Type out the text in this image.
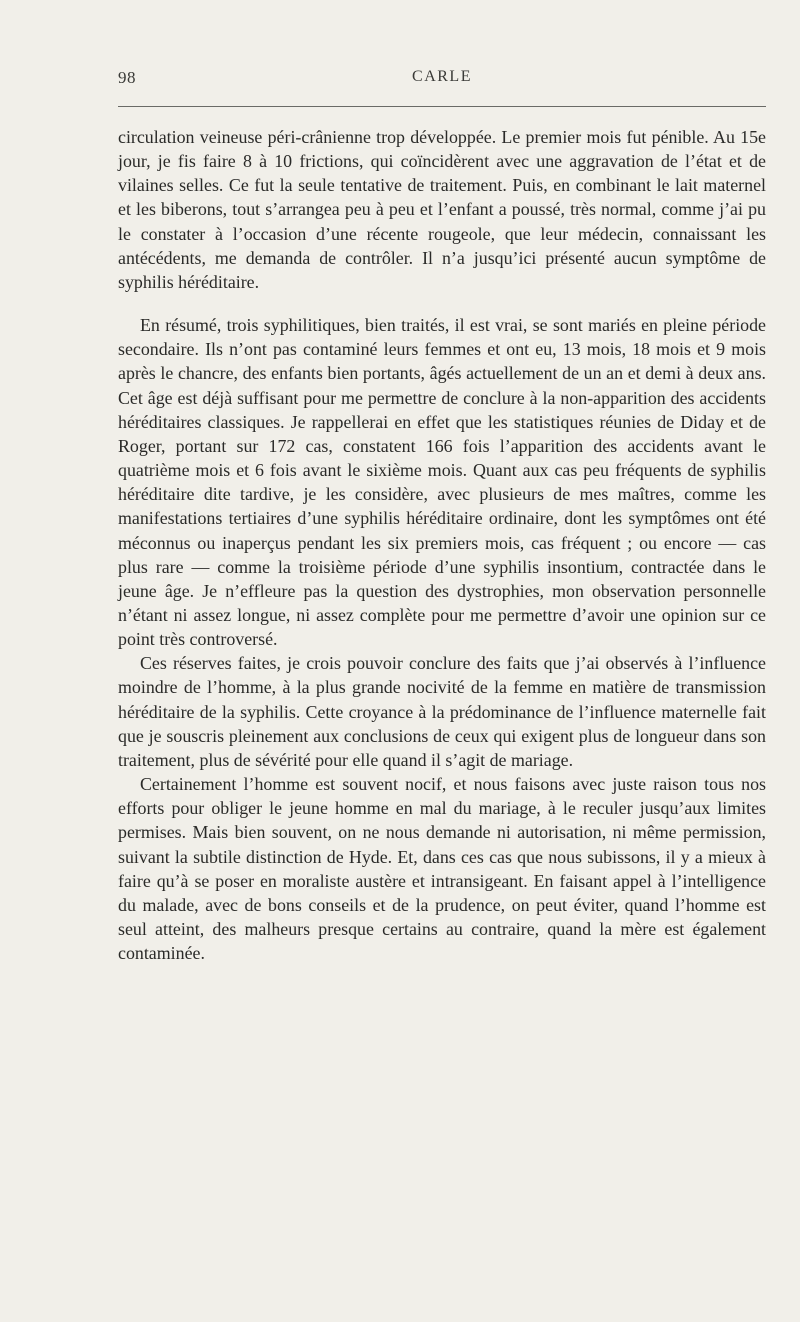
98	CARLE

circulation veineuse péri-crânienne trop développée. Le premier mois fut pénible. Au 15e jour, je fis faire 8 à 10 frictions, qui coïncidèrent avec une aggravation de l’état et de vilaines selles. Ce fut la seule tentative de traitement. Puis, en combinant le lait maternel et les biberons, tout s’arrangea peu à peu et l’enfant a poussé, très normal, comme j’ai pu le constater à l’occasion d’une récente rougeole, que leur médecin, connaissant les antécédents, me demanda de contrôler. Il n’a jusqu’ici présenté aucun symptôme de syphilis héréditaire.

En résumé, trois syphilitiques, bien traités, il est vrai, se sont mariés en pleine période secondaire. Ils n’ont pas contaminé leurs femmes et ont eu, 13 mois, 18 mois et 9 mois après le chancre, des enfants bien portants, âgés actuellement de un an et demi à deux ans. Cet âge est déjà suffisant pour me permettre de conclure à la non-apparition des accidents héréditaires classiques. Je rappellerai en effet que les statistiques réunies de Diday et de Roger, portant sur 172 cas, constatent 166 fois l’apparition des accidents avant le quatrième mois et 6 fois avant le sixième mois. Quant aux cas peu fréquents de syphilis héréditaire dite tardive, je les considère, avec plusieurs de mes maîtres, comme les manifestations tertiaires d’une syphilis héréditaire ordinaire, dont les symptômes ont été méconnus ou inaperçus pendant les six premiers mois, cas fréquent ; ou encore — cas plus rare — comme la troisième période d’une syphilis insontium, contractée dans le jeune âge. Je n’effleure pas la question des dystrophies, mon observation personnelle n’étant ni assez longue, ni assez complète pour me permettre d’avoir une opinion sur ce point très controversé.

Ces réserves faites, je crois pouvoir conclure des faits que j’ai observés à l’influence moindre de l’homme, à la plus grande nocivité de la femme en matière de transmission héréditaire de la syphilis. Cette croyance à la prédominance de l’influence maternelle fait que je souscris pleinement aux conclusions de ceux qui exigent plus de longueur dans son traitement, plus de sévérité pour elle quand il s’agit de mariage.

Certainement l’homme est souvent nocif, et nous faisons avec juste raison tous nos efforts pour obliger le jeune homme en mal du mariage, à le reculer jusqu’aux limites permises. Mais bien souvent, on ne nous demande ni autorisation, ni même permission, suivant la subtile distinction de Hyde. Et, dans ces cas que nous subissons, il y a mieux à faire qu’à se poser en moraliste austère et intransigeant. En faisant appel à l’intelligence du malade, avec de bons conseils et de la prudence, on peut éviter, quand l’homme est seul atteint, des malheurs presque certains au contraire, quand la mère est également contaminée.
